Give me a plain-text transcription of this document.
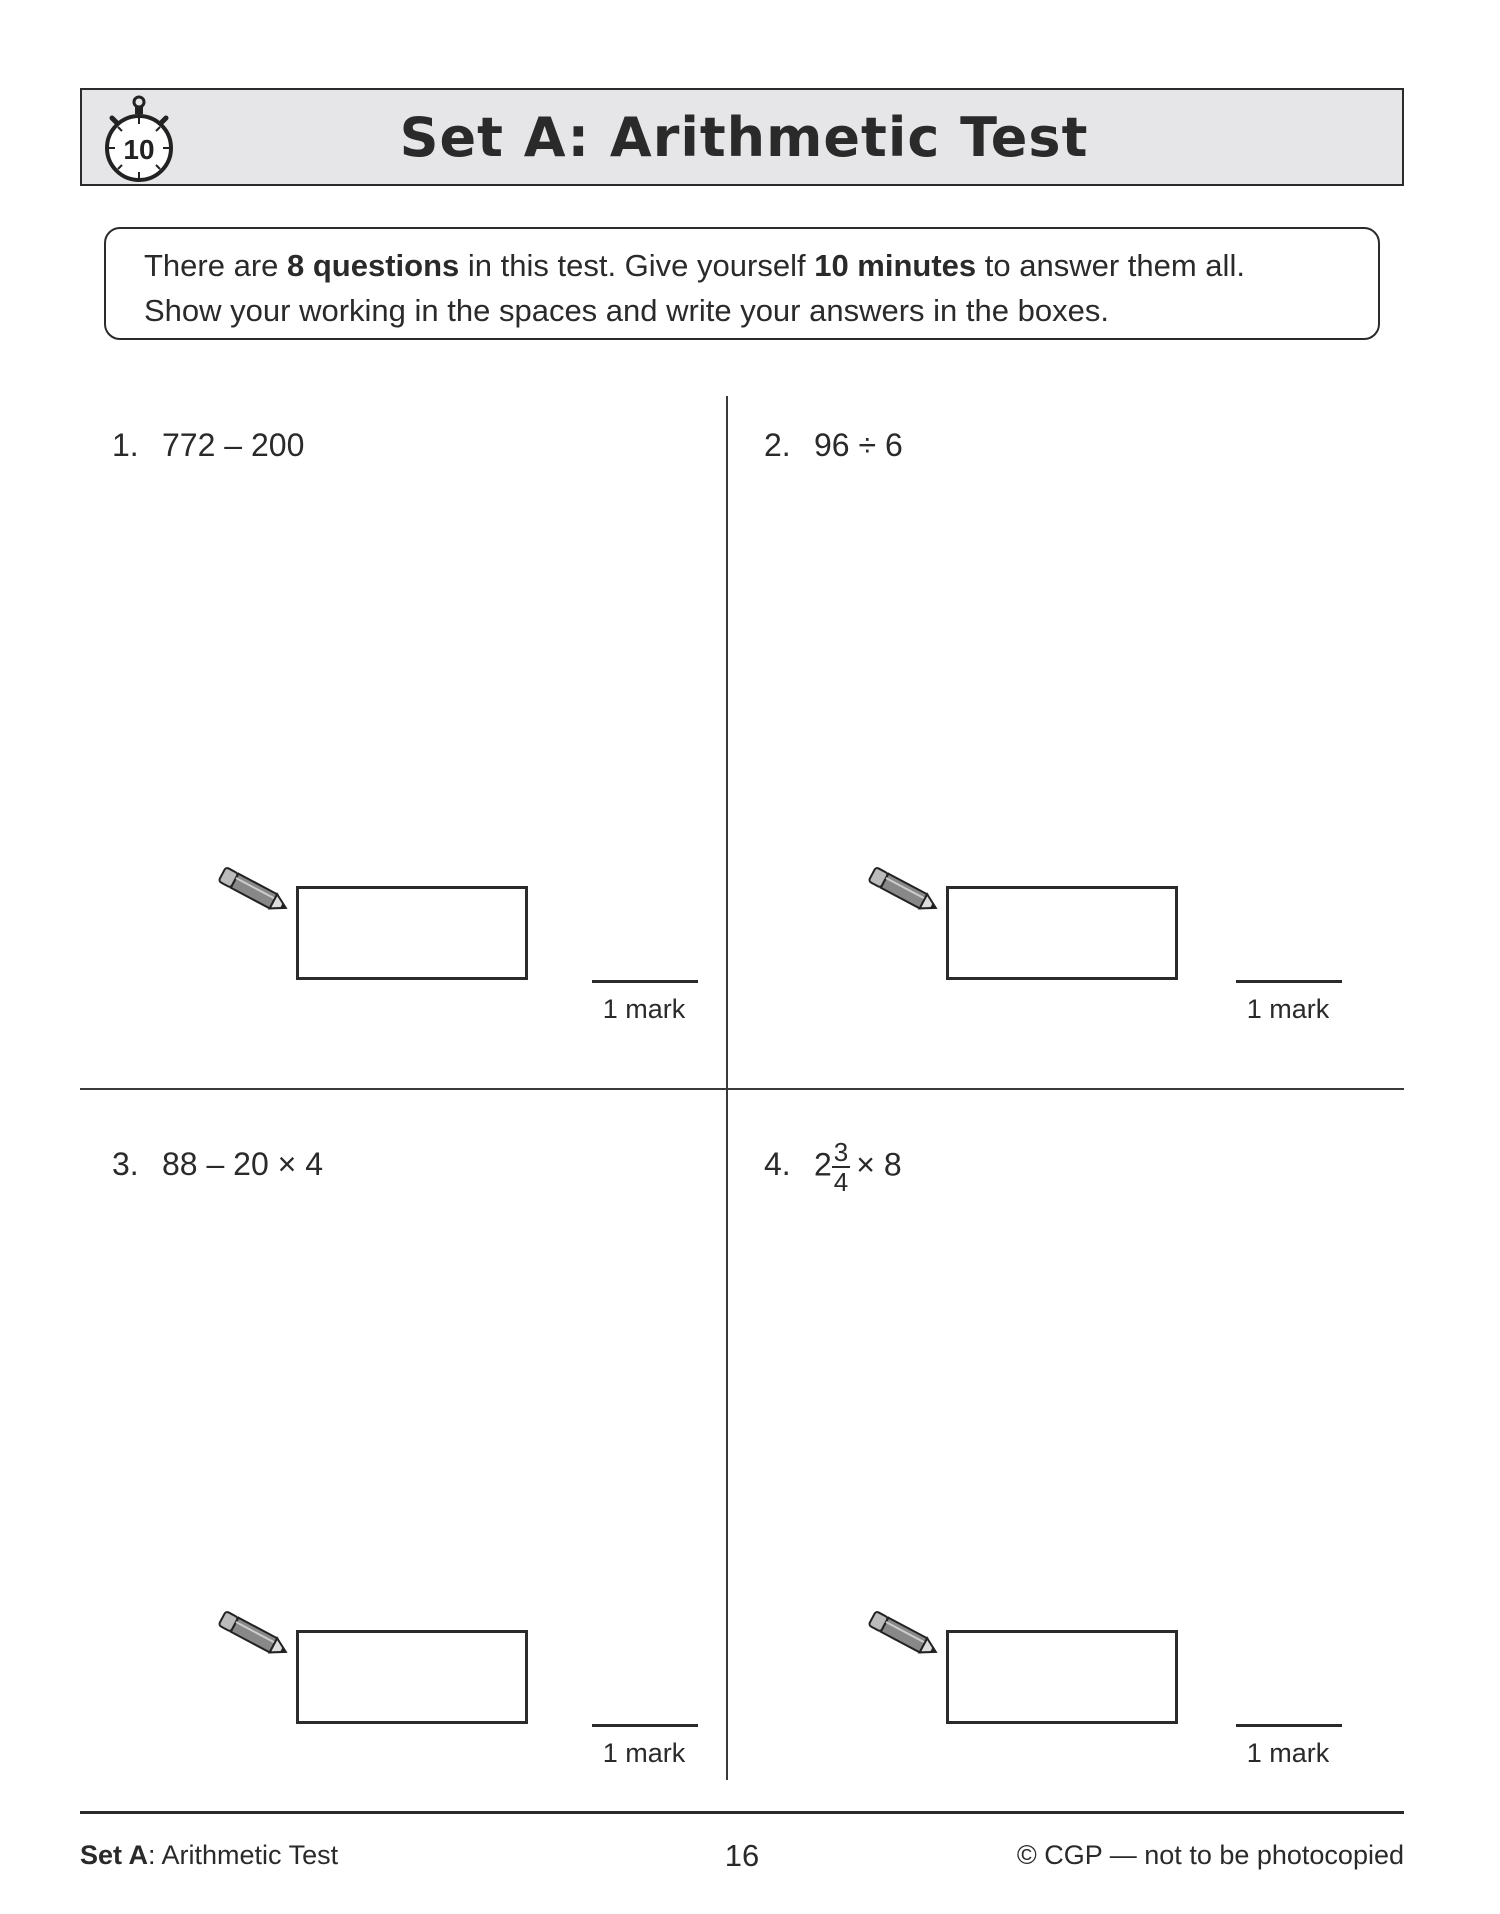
10	Set A: Arithmetic Test
There are 8 questions in this test. Give yourself 10 minutes to answer them all.
Show your working in the spaces and write your answers in the boxes.
1. 772 – 200
1 mark
2. 96 ÷ 6
1 mark
3. 88 – 20 × 4
1 mark
4. $2 \frac{3}{4} \times 8$
1 mark
Set A: Arithmetic Test	16	© CGP — not to be photocopied
